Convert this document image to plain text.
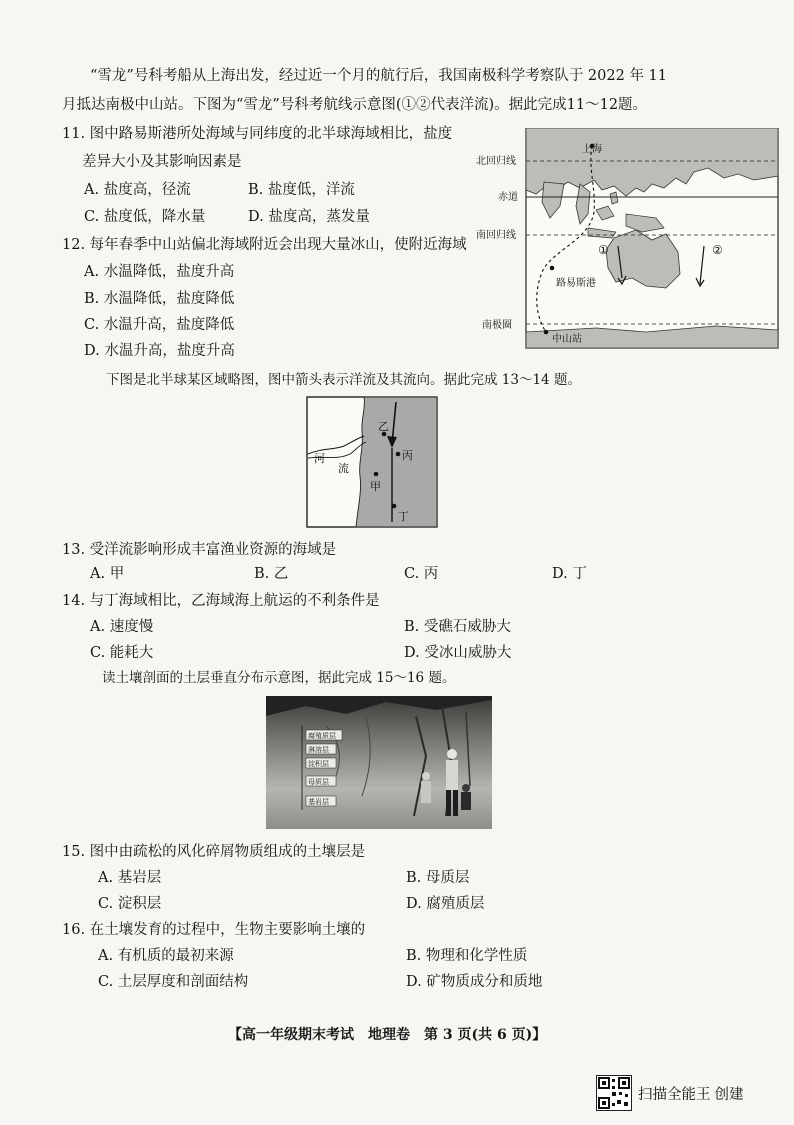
“雪龙”号科考船从上海出发，经过近一个月的航行后，我国南极科学考察队于 2022 年 11
月抵达南极中山站。下图为“雪龙”号科考航线示意图(①②代表洋流)。据此完成11～12题。
11. 图中路易斯港所处海域与同纬度的北半球海域相比，盐度
差异大小及其影响因素是
A. 盐度高，径流	B. 盐度低，洋流
C. 盐度低，降水量	D. 盐度高，蒸发量
12. 每年春季中山站偏北海域附近会出现大量冰山，使附近海域
A. 水温降低，盐度升高
B. 水温降低，盐度降低
C. 水温升高，盐度降低
D. 水温升高，盐度升高
北回归线
赤道
南回归线
南极圈
上海
路易斯港
中山站
①	②
下图是北半球某区域略图，图中箭头表示洋流及其流向。据此完成 13～14 题。
乙
甲
丙
丁
河
流
13. 受洋流影响形成丰富渔业资源的海域是
A. 甲	B. 乙	C. 丙	D. 丁
14. 与丁海域相比，乙海域海上航运的不利条件是
A. 速度慢	B. 受礁石威胁大
C. 能耗大	D. 受冰山威胁大
读土壤剖面的土层垂直分布示意图，据此完成 15～16 题。
腐殖质层
淋溶层
淀积层
母质层
基岩层
15. 图中由疏松的风化碎屑物质组成的土壤层是
A. 基岩层	B. 母质层
C. 淀积层	D. 腐殖质层
16. 在土壤发育的过程中，生物主要影响土壤的
A. 有机质的最初来源	B. 物理和化学性质
C. 土层厚度和剖面结构	D. 矿物质成分和质地
【高一年级期末考试　地理卷　第 3 页(共 6 页)】
扫描全能王 创建
